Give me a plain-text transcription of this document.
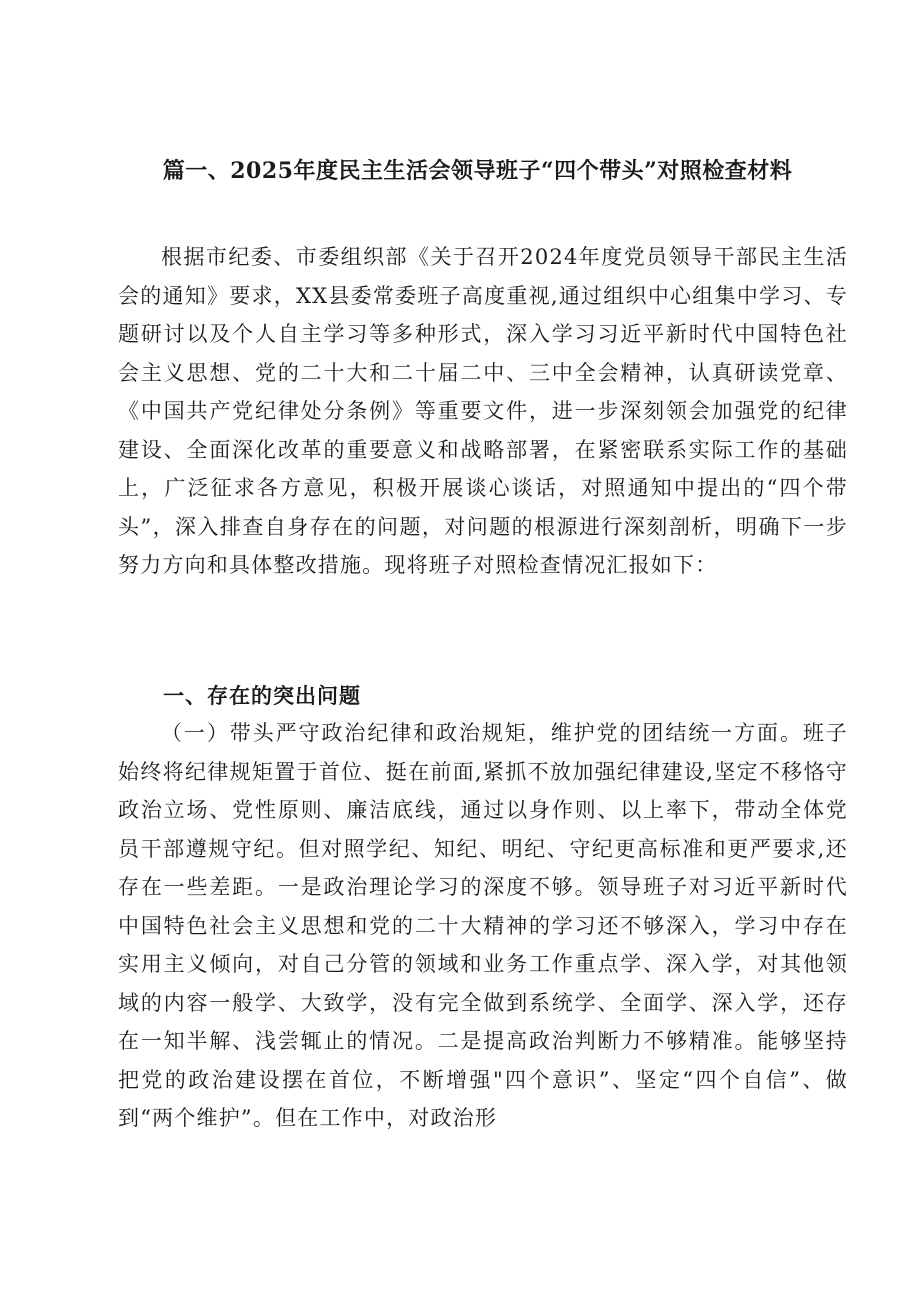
篇一、2025年度民主生活会领导班子“四个带头”对照检查材料

根据市纪委、市委组织部《关于召开2024年度党员领导干部民主生活会的通知》要求，XX县委常委班子高度重视,通过组织中心组集中学习、专题研讨以及个人自主学习等多种形式，深入学习习近平新时代中国特色社会主义思想、党的二十大和二十届二中、三中全会精神，认真研读党章、《中国共产党纪律处分条例》等重要文件，进一步深刻领会加强党的纪律建设、全面深化改革的重要意义和战略部署，在紧密联系实际工作的基础上，广泛征求各方意见，积极开展谈心谈话，对照通知中提出的“四个带头”，深入排查自身存在的问题，对问题的根源进行深刻剖析，明确下一步努力方向和具体整改措施。现将班子对照检查情况汇报如下：

一、存在的突出问题

（一）带头严守政治纪律和政治规矩，维护党的团结统一方面。班子始终将纪律规矩置于首位、挺在前面,紧抓不放加强纪律建设,坚定不移恪守政治立场、党性原则、廉洁底线，通过以身作则、以上率下，带动全体党员干部遵规守纪。但对照学纪、知纪、明纪、守纪更高标准和更严要求,还存在一些差距。一是政治理论学习的深度不够。领导班子对习近平新时代中国特色社会主义思想和党的二十大精神的学习还不够深入，学习中存在实用主义倾向，对自己分管的领域和业务工作重点学、深入学，对其他领域的内容一般学、大致学，没有完全做到系统学、全面学、深入学，还存在一知半解、浅尝辄止的情况。二是提高政治判断力不够精准。能够坚持把党的政治建设摆在首位，不断增强"四个意识”、坚定“四个自信”、做到“两个维护”。但在工作中，对政治形
